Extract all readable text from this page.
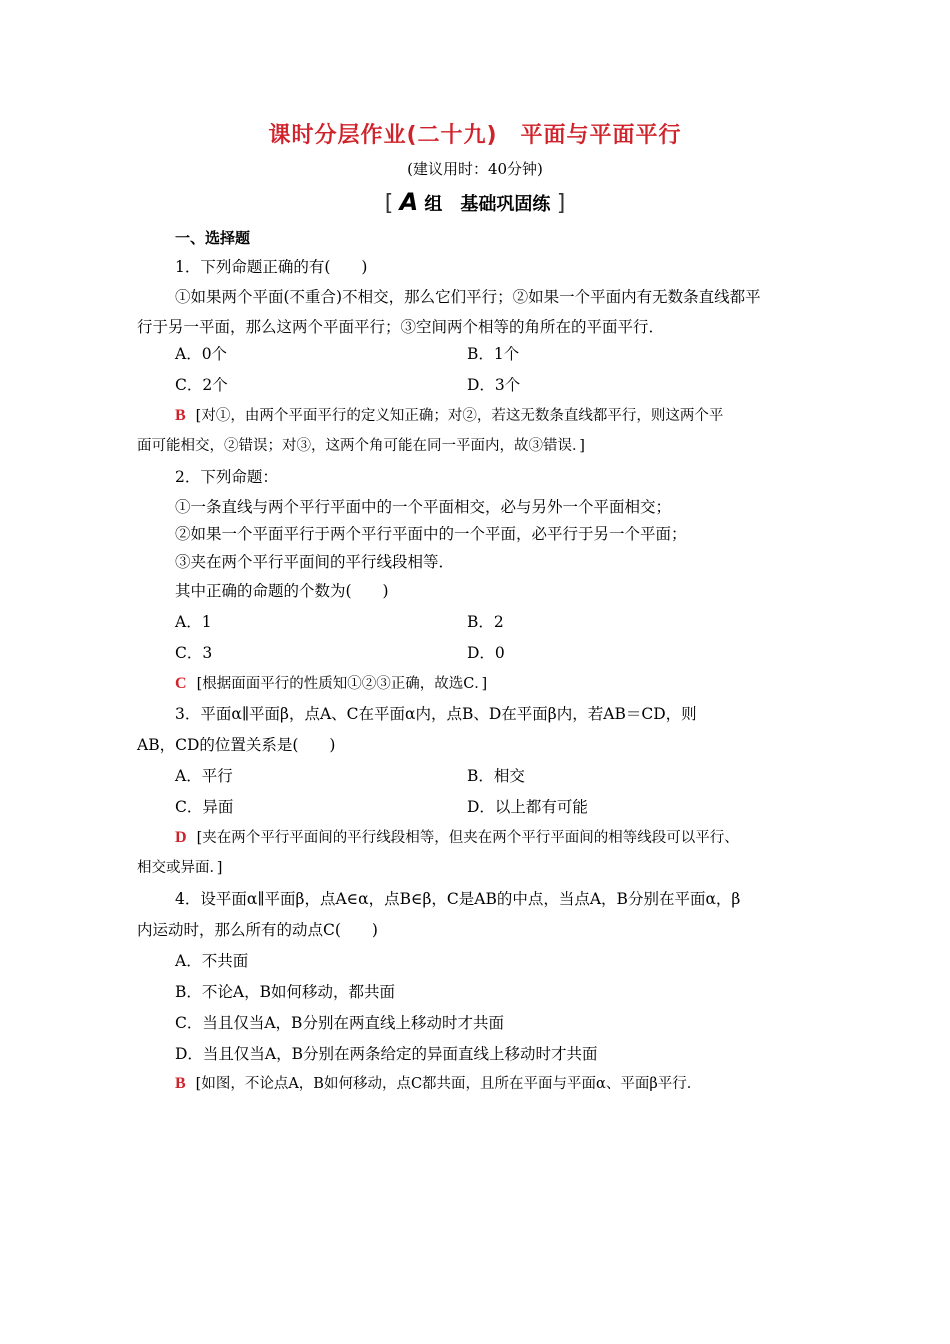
课时分层作业(二十九)　平面与平面平行
(建议用时：40分钟)
[ A 组　基础巩固练 ]
一、选择题
1．下列命题正确的有(　　)
①如果两个平面(不重合)不相交，那么它们平行；②如果一个平面内有无数条直线都平
行于另一平面，那么这两个平面平行；③空间两个相等的角所在的平面平行．
A．0个	B．1个
C．2个	D．3个
B [对①，由两个平面平行的定义知正确；对②，若这无数条直线都平行，则这两个平
面可能相交，②错误；对③，这两个角可能在同一平面内，故③错误．]
2．下列命题：
①一条直线与两个平行平面中的一个平面相交，必与另外一个平面相交；
②如果一个平面平行于两个平行平面中的一个平面，必平行于另一个平面；
③夹在两个平行平面间的平行线段相等．
其中正确的命题的个数为(　　)
A．1	B．2
C．3	D．0
C [根据面面平行的性质知①②③正确，故选C．]
3．平面α∥平面β，点A、C在平面α内，点B、D在平面β内，若AB＝CD，则
AB，CD的位置关系是(　　)
A．平行	B．相交
C．异面	D．以上都有可能
D [夹在两个平行平面间的平行线段相等，但夹在两个平行平面间的相等线段可以平行、
相交或异面．]
4．设平面α∥平面β，点A∈α，点B∈β，C是AB的中点，当点A，B分别在平面α，β
内运动时，那么所有的动点C(　　)
A．不共面
B．不论A，B如何移动，都共面
C．当且仅当A，B分别在两直线上移动时才共面
D．当且仅当A，B分别在两条给定的异面直线上移动时才共面
B [如图，不论点A，B如何移动，点C都共面，且所在平面与平面α、平面β平行．
